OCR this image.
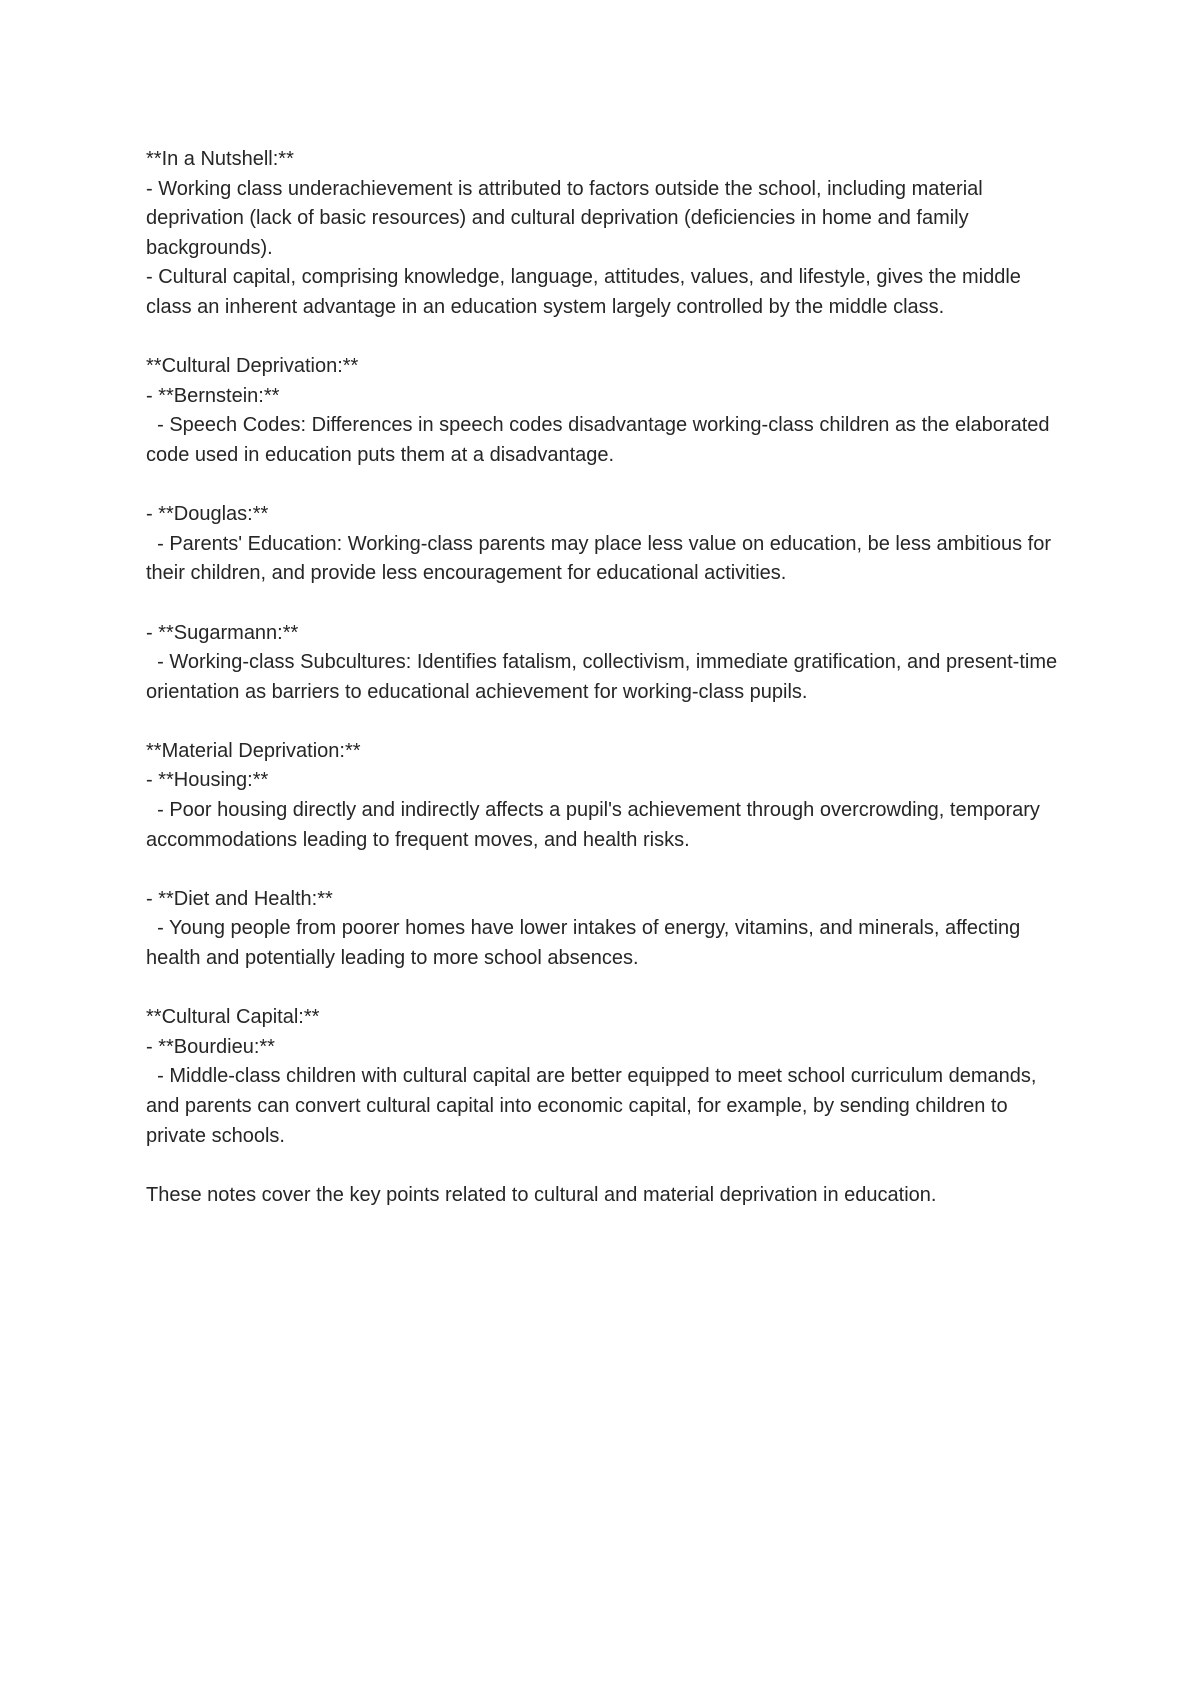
**In a Nutshell:**
- Working class underachievement is attributed to factors outside the school, including material deprivation (lack of basic resources) and cultural deprivation (deficiencies in home and family backgrounds).
- Cultural capital, comprising knowledge, language, attitudes, values, and lifestyle, gives the middle class an inherent advantage in an education system largely controlled by the middle class.
**Cultural Deprivation:**
- **Bernstein:**
- Speech Codes: Differences in speech codes disadvantage working-class children as the elaborated code used in education puts them at a disadvantage.
- **Douglas:**
- Parents' Education: Working-class parents may place less value on education, be less ambitious for their children, and provide less encouragement for educational activities.
- **Sugarmann:**
- Working-class Subcultures: Identifies fatalism, collectivism, immediate gratification, and present-time orientation as barriers to educational achievement for working-class pupils.
**Material Deprivation:**
- **Housing:**
- Poor housing directly and indirectly affects a pupil's achievement through overcrowding, temporary accommodations leading to frequent moves, and health risks.
- **Diet and Health:**
- Young people from poorer homes have lower intakes of energy, vitamins, and minerals, affecting health and potentially leading to more school absences.
**Cultural Capital:**
- **Bourdieu:**
- Middle-class children with cultural capital are better equipped to meet school curriculum demands, and parents can convert cultural capital into economic capital, for example, by sending children to private schools.
These notes cover the key points related to cultural and material deprivation in education.
